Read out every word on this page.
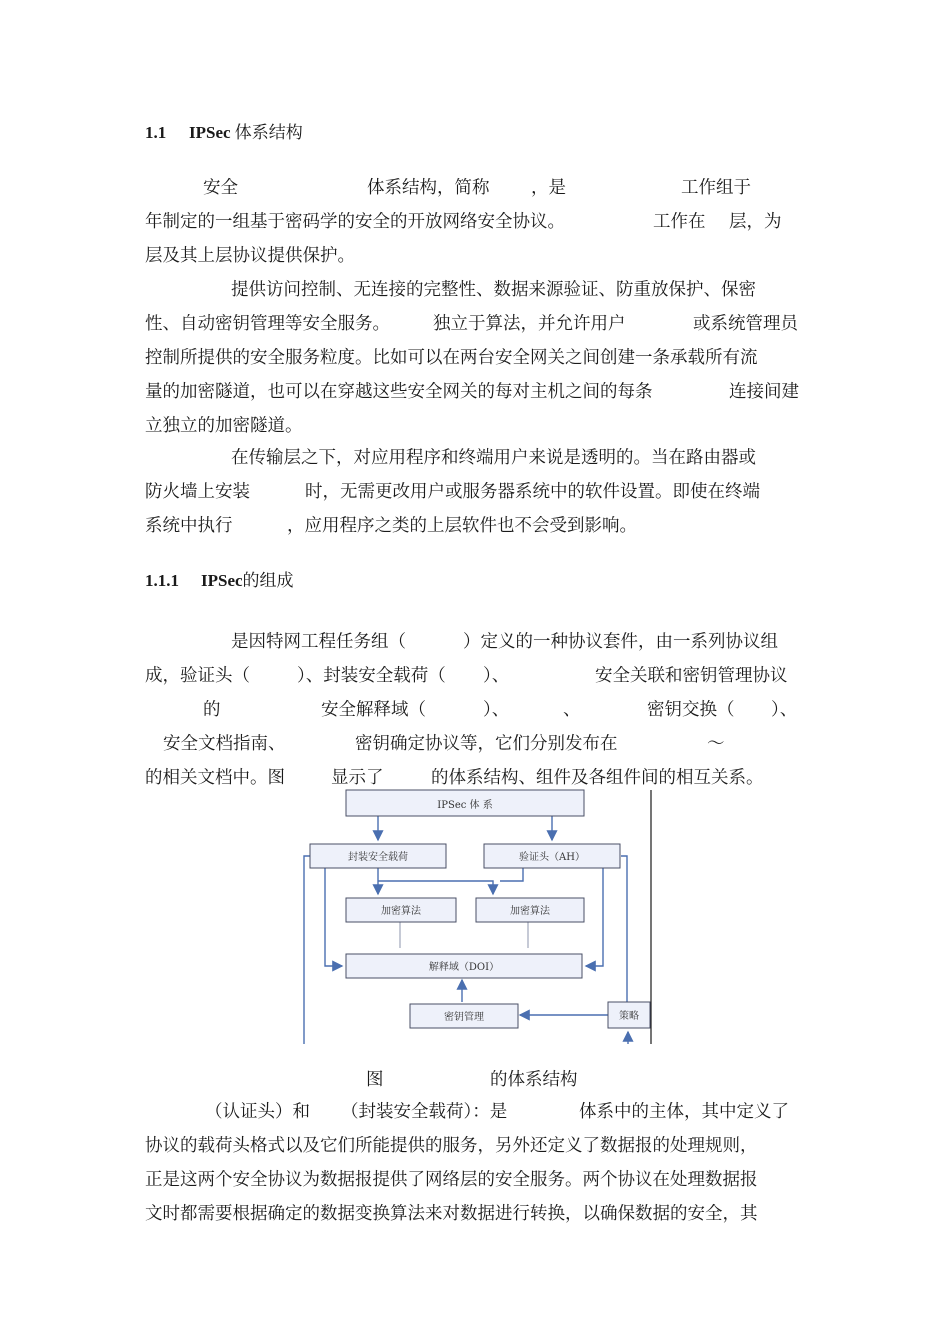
1.1 IPSec 体系结构
安全	体系结构，简称 ，是	工作组于
年制定的一组基于密码学的安全的开放网络安全协议。	工作在 层，为
层及其上层协议提供保护。
提供访问控制、无连接的完整性、数据来源验证、防重放保护、保密
性、自动密钥管理等安全服务。 独立于算法，并允许用户	或系统管理员
控制所提供的安全服务粒度。比如可以在两台安全网关之间创建一条承载所有流
量的加密隧道，也可以在穿越这些安全网关的每对主机之间的每条	连接间建
立独立的加密隧道。
在传输层之下，对应用程序和终端用户来说是透明的。当在路由器或
防火墙上安装	时，无需更改用户或服务器系统中的软件设置。即使在终端
系统中执行	，应用程序之类的上层软件也不会受到影响。
1.1.1 IPSec的组成
是因特网工程任务组（	）定义的一种协议套件，由一系列协议组
成，验证头（	）、封装安全载荷（ ）、	安全关联和密钥管理协议
的	安全解释域（	）、	、	密钥交换（ ）、
安全文档指南、	密钥确定协议等，它们分别发布在	～
的相关文档中。图	显示了	的体系结构、组件及各组件间的相互关系。
IPSec 体 系
封装安全载荷	验证头（AH）
加密算法	加密算法
解释域（DOI）
密钥管理	策略
图	的体系结构
（认证头）和 （封装安全载荷）：是	体系中的主体，其中定义了
协议的载荷头格式以及它们所能提供的服务，另外还定义了数据报的处理规则，
正是这两个安全协议为数据报提供了网络层的安全服务。两个协议在处理数据报
文时都需要根据确定的数据变换算法来对数据进行转换，以确保数据的安全，其
